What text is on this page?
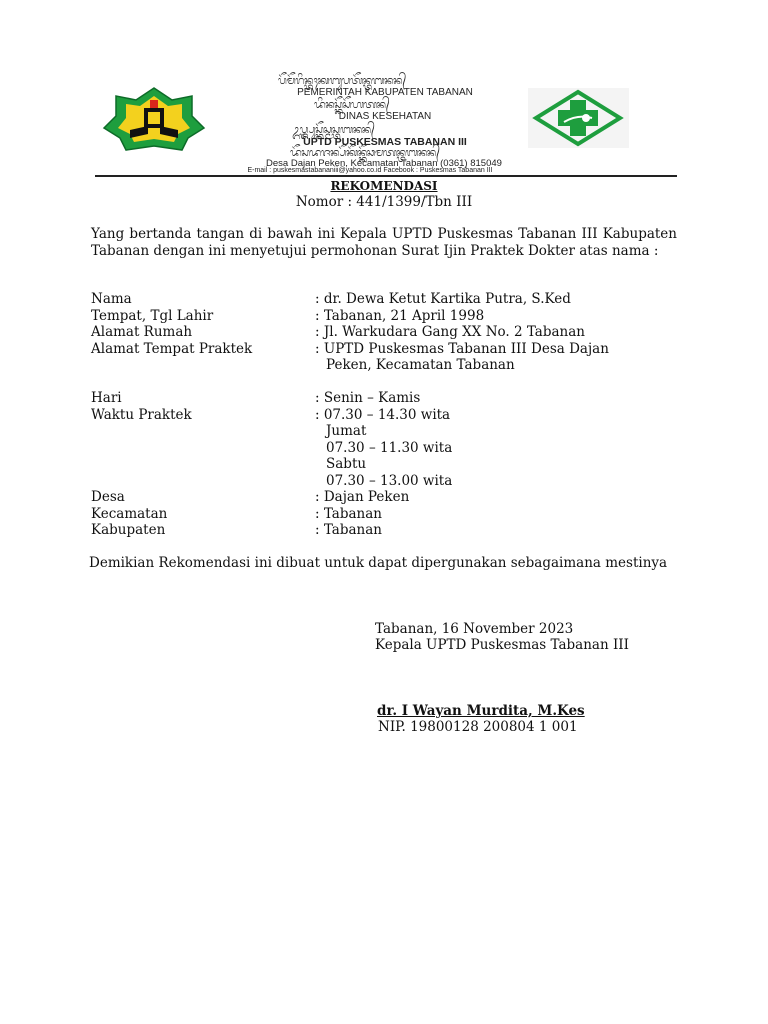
ᬧᭂᬫᭂᬭᬶᬦ᭄ᬢᬄᬓᬩᬸᬧᬢᭂᬦ᭄ᬢᬩᬦᬦ᭄
PEMERINTAH KABUPATEN TABANAN
ᬤᬶᬦᬲ᭄ᬓᭂᬲᭂᬳᬢᬦ᭄
DINAS KESEHATAN
ᬉᬧ᭄ᬢ᭄ᬤ᭄ᬧᬸᬲ᭄ᬓᭂᬲ᭄ᬫᬲ᭄ᬢᬩᬦᬦ᭄
UPTD PUSKESMAS TABANAN III
ᬤᭂᬲᬤᬚᬦ᭄ᬧᭂᬓᭂᬦ᭄ᬓᭂᬘᬫᬢᬦ᭄ᬢᬩᬦᬦ᭄
Desa Dajan Peken, Kecamatan Tabanan (0361) 815049
E-mail : puskesmastabananiii@yahoo.co.id Facebook : Puskesmas Tabanan III
REKOMENDASI
Nomor : 441/1399/Tbn III
Yang bertanda tangan di bawah ini Kepala UPTD Puskesmas Tabanan III Kabupaten Tabanan dengan ini menyetujui permohonan Surat Ijin Praktek Dokter atas nama :
Nama	: dr. Dewa Ketut Kartika Putra, S.Ked
Tempat, Tgl Lahir	: Tabanan, 21 April 1998
Alamat Rumah	: Jl. Warkudara Gang XX No. 2 Tabanan
Alamat Tempat Praktek	: UPTD Puskesmas Tabanan III Desa Dajan
Peken, Kecamatan Tabanan
Hari	: Senin – Kamis
Waktu Praktek	: 07.30 – 14.30 wita
Jumat
07.30 – 11.30 wita
Sabtu
07.30 – 13.00 wita
Desa	: Dajan Peken
Kecamatan	: Tabanan
Kabupaten	: Tabanan
Demikian Rekomendasi ini dibuat untuk dapat dipergunakan sebagaimana mestinya
Tabanan, 16 November 2023
Kepala UPTD Puskesmas Tabanan III
dr. I Wayan Murdita, M.Kes
NIP. 19800128 200804 1 001
